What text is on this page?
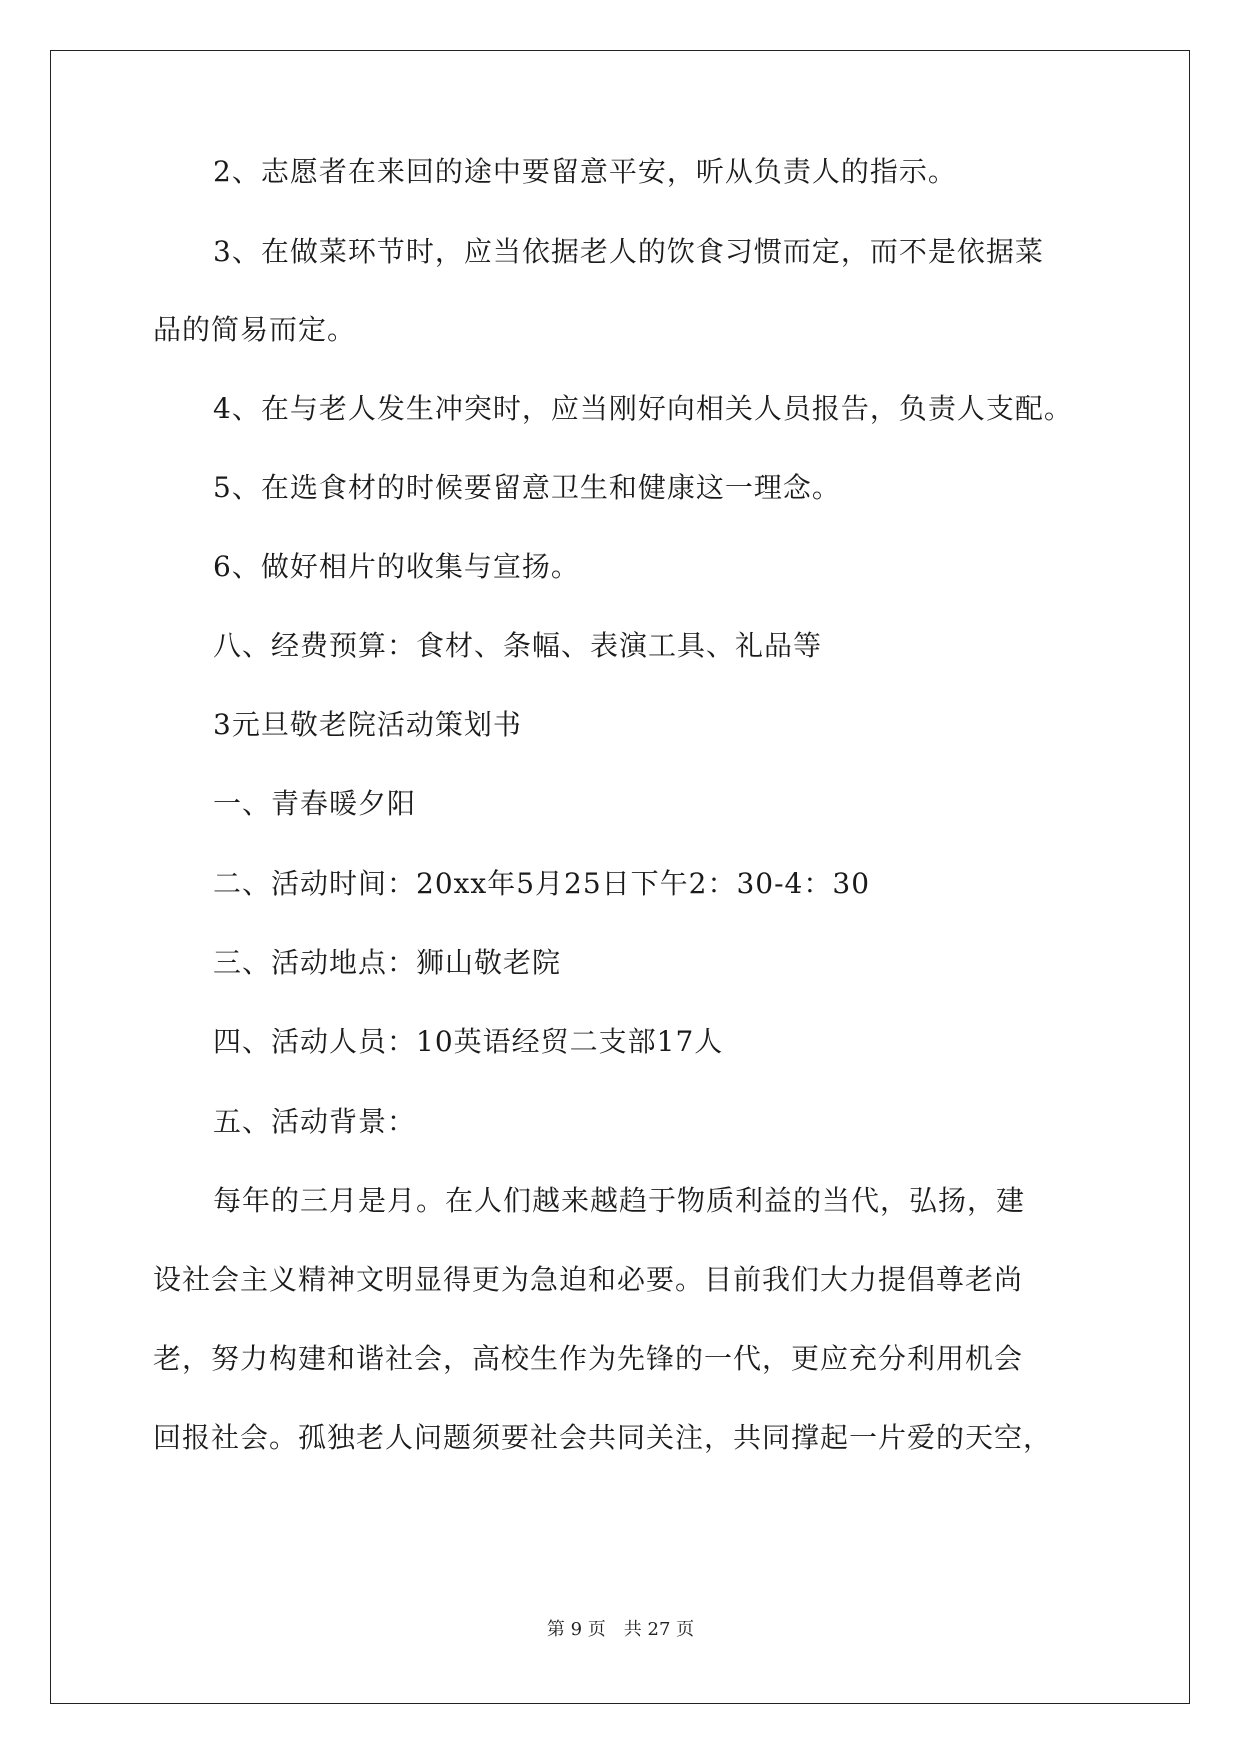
2、志愿者在来回的途中要留意平安，听从负责人的指示。
3、在做菜环节时，应当依据老人的饮食习惯而定，而不是依据菜
品的简易而定。
4、在与老人发生冲突时，应当刚好向相关人员报告，负责人支配。
5、在选食材的时候要留意卫生和健康这一理念。
6、做好相片的收集与宣扬。
八、经费预算：食材、条幅、表演工具、礼品等
3元旦敬老院活动策划书
一、青春暖夕阳
二、活动时间：20xx年5月25日下午2：30-4：30
三、活动地点：狮山敬老院
四、活动人员：10英语经贸二支部17人
五、活动背景：
每年的三月是月。在人们越来越趋于物质利益的当代，弘扬，建
设社会主义精神文明显得更为急迫和必要。目前我们大力提倡尊老尚
老，努力构建和谐社会，高校生作为先锋的一代，更应充分利用机会
回报社会。孤独老人问题须要社会共同关注，共同撑起一片爱的天空，
第 9 页 共 27 页
